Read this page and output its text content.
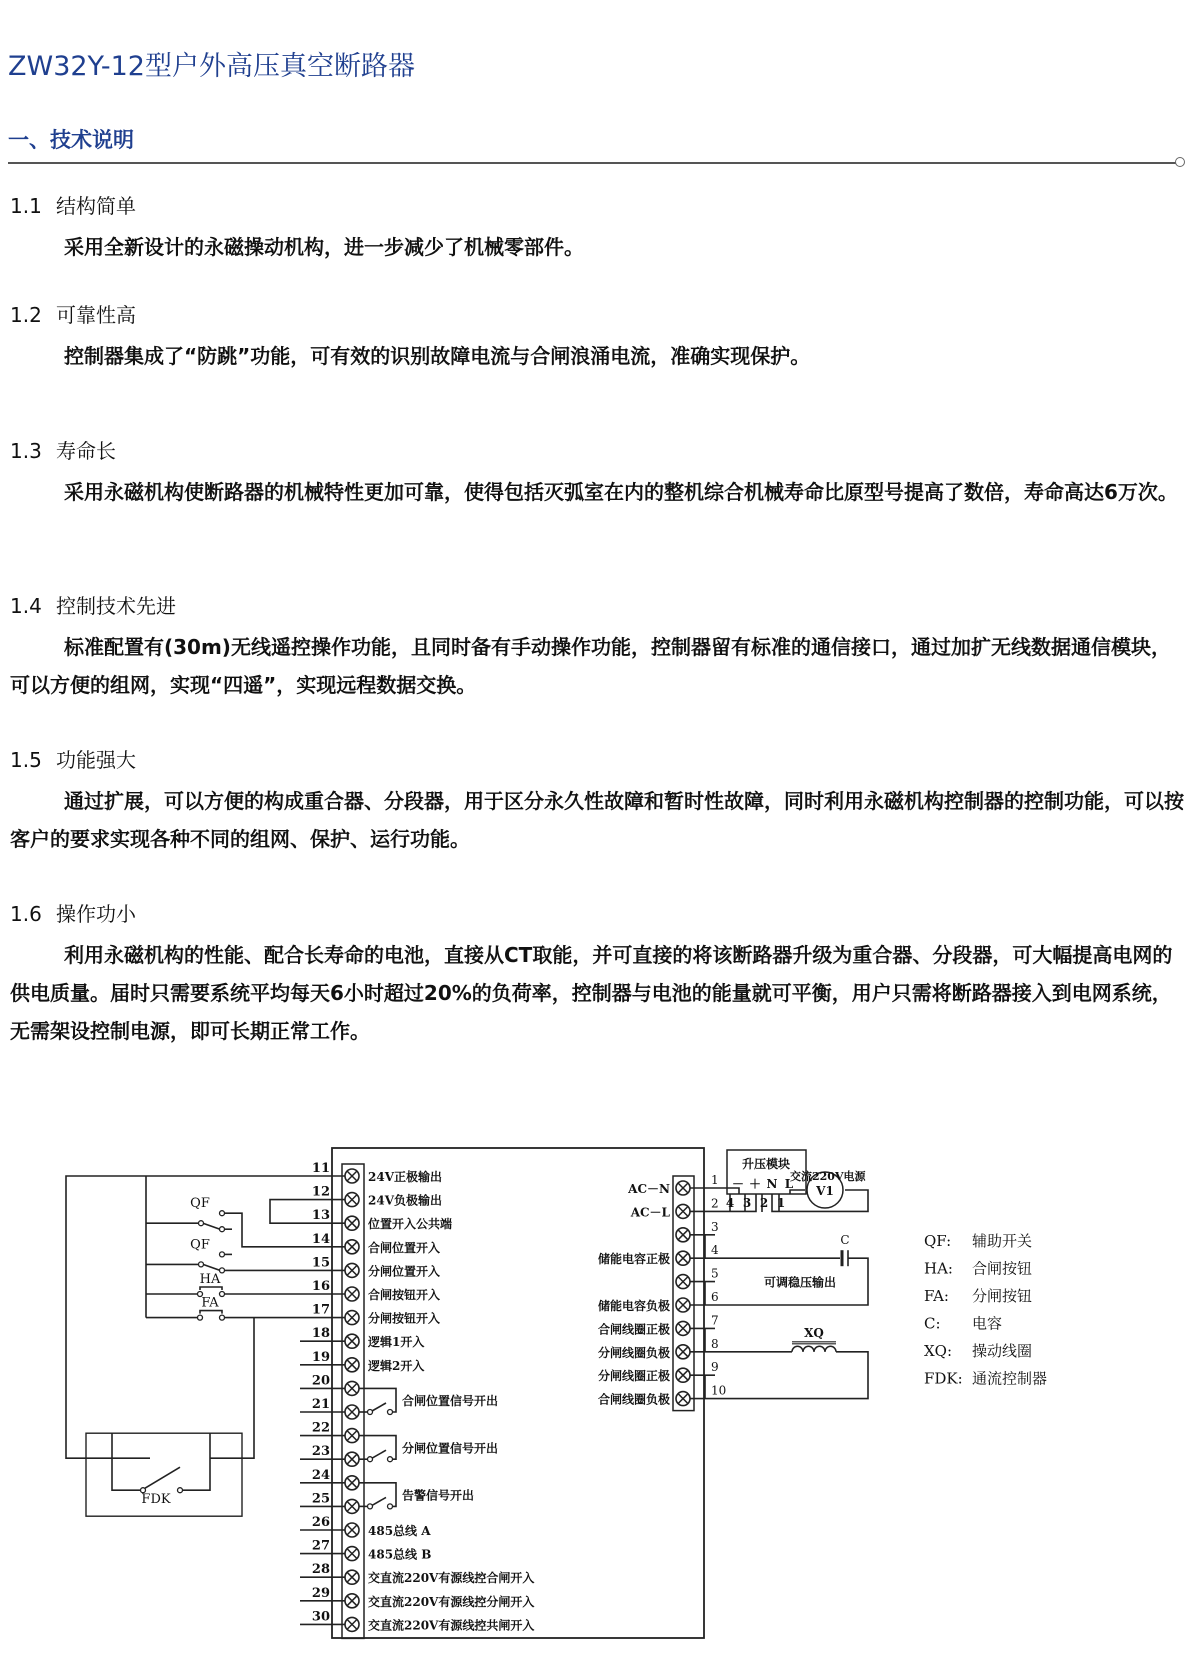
ZW32Y-12型户外高压真空断路器
一、技术说明
1.1 结构简单

采用全新设计的永磁操动机构，进一步减少了机械零部件。

1.2 可靠性高

控制器集成了“防跳”功能，可有效的识别故障电流与合闸浪涌电流，准确实现保护。

1.3 寿命长

采用永磁机构使断路器的机械特性更加可靠，使得包括灭弧室在内的整机综合机械寿命比原型号提高了数倍，寿命高达6万次。

1.4 控制技术先进

标准配置有(30m)无线遥控操作功能，且同时备有手动操作功能，控制器留有标准的通信接口，通过加扩无线数据通信模块，可以方便的组网，实现“四遥”，实现远程数据交换。

1.5 功能强大

通过扩展，可以方便的构成重合器、分段器，用于区分永久性故障和暂时性故障，同时利用永磁机构控制器的控制功能，可以按客户的要求实现各种不同的组网、保护、运行功能。

1.6 操作功小

利用永磁机构的性能、配合长寿命的电池，直接从CT取能，并可直接的将该断路器升级为重合器、分段器，可大幅提高电网的供电质量。届时只需要系统平均每天6小时超过20%的负荷率，控制器与电池的能量就可平衡，用户只需将断路器接入到电网系统，无需架设控制电源，即可长期正常工作。

11
24V正极输出
12
24V负极输出
13
位置开入公共端
14
合闸位置开入
15
分闸位置开入
16
合闸按钮开入
17
分闸按钮开入
18
逻辑1开入
19
逻辑2开入
20
21
22
23
24
25
26
485总线 A
27
485总线 B
28
交直流220V有源线控合闸开入
29
交直流220V有源线控分闸开入
30
交直流220V有源线控共闸开入
合闸位置信号开出
分闸位置信号开出
告警信号开出
QF
QF
HA
FA
FDK
1
AC－N
2
AC－L
3
4
储能电容正极
5
6
储能电容负极
7
合闸线圈正极
8
分闸线圈负极
9
分闸线圈正极
10
合闸线圈负极
升压模块
－ ＋ N L
4 3 2 1
V1
交流220V电源
C
可调稳压输出
XQ
QF: 辅助开关
HA: 合闸按钮
FA: 分闸按钮
C: 电容
XQ: 操动线圈
FDK: 通流控制器
